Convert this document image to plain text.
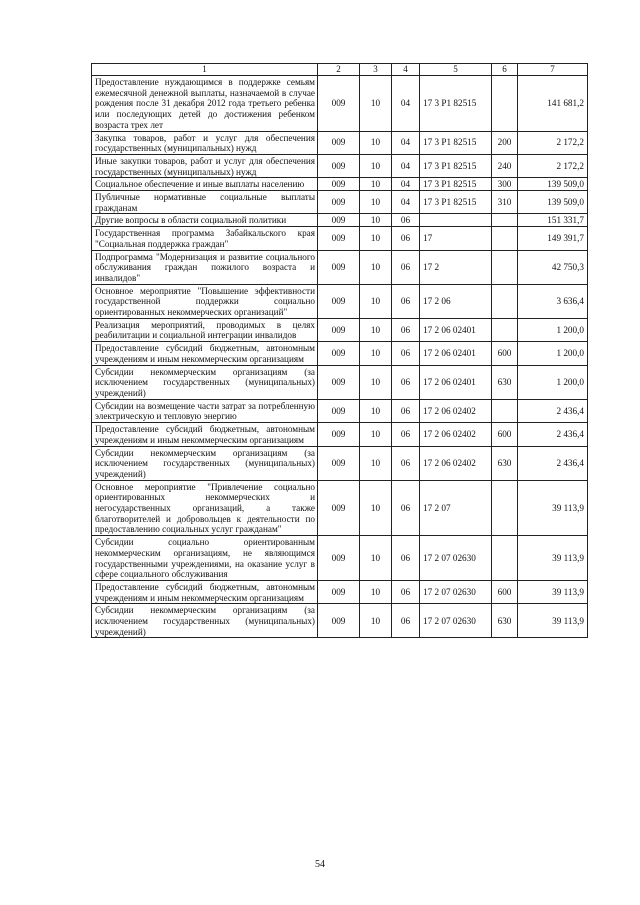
1	2	3	4	5	6	7
Предоставление нуждающимся в поддержке семьям ежемесячной денежной выплаты, назначаемой в случае рождения после 31 декабря 2012 года третьего ребенка или последующих детей до достижения ребенком возраста трех лет	009	10	04	17 3 P1 82515		141 681,2
Закупка товаров, работ и услуг для обеспечения государственных (муниципальных) нужд	009	10	04	17 3 P1 82515	200	2 172,2
Иные закупки товаров, работ и услуг для обеспечения государственных (муниципальных) нужд	009	10	04	17 3 P1 82515	240	2 172,2
Социальное обеспечение и иные выплаты населению	009	10	04	17 3 P1 82515	300	139 509,0
Публичные нормативные социальные выплаты гражданам	009	10	04	17 3 P1 82515	310	139 509,0
Другие вопросы в области социальной политики	009	10	06			151 331,7
Государственная программа Забайкальского края "Социальная поддержка граждан"	009	10	06	17		149 391,7
Подпрограмма "Модернизация и развитие социального обслуживания граждан пожилого возраста и инвалидов"	009	10	06	17 2		42 750,3
Основное мероприятие "Повышение эффективности государственной поддержки социально ориентированных некоммерческих организаций"	009	10	06	17 2 06		3 636,4
Реализация мероприятий, проводимых в целях реабилитации и социальной интеграции инвалидов	009	10	06	17 2 06 02401		1 200,0
Предоставление субсидий бюджетным, автономным учреждениям и иным некоммерческим организациям	009	10	06	17 2 06 02401	600	1 200,0
Субсидии некоммерческим организациям (за исключением государственных (муниципальных) учреждений)	009	10	06	17 2 06 02401	630	1 200,0
Субсидии на возмещение части затрат за потребленную электрическую и тепловую энергию	009	10	06	17 2 06 02402		2 436,4
Предоставление субсидий бюджетным, автономным учреждениям и иным некоммерческим организациям	009	10	06	17 2 06 02402	600	2 436,4
Субсидии некоммерческим организациям (за исключением государственных (муниципальных) учреждений)	009	10	06	17 2 06 02402	630	2 436,4
Основное мероприятие "Привлечение социально ориентированных некоммерческих и негосударственных организаций, а также благотворителей и добровольцев к деятельности по предоставлению социальных услуг гражданам"	009	10	06	17 2 07		39 113,9
Субсидии социально ориентированным некоммерческим организациям, не являющимся государственными учреждениями, на оказание услуг в сфере социального обслуживания	009	10	06	17 2 07 02630		39 113,9
Предоставление субсидий бюджетным, автономным учреждениям и иным некоммерческим организациям	009	10	06	17 2 07 02630	600	39 113,9
Субсидии некоммерческим организациям (за исключением государственных (муниципальных) учреждений)	009	10	06	17 2 07 02630	630	39 113,9
54
